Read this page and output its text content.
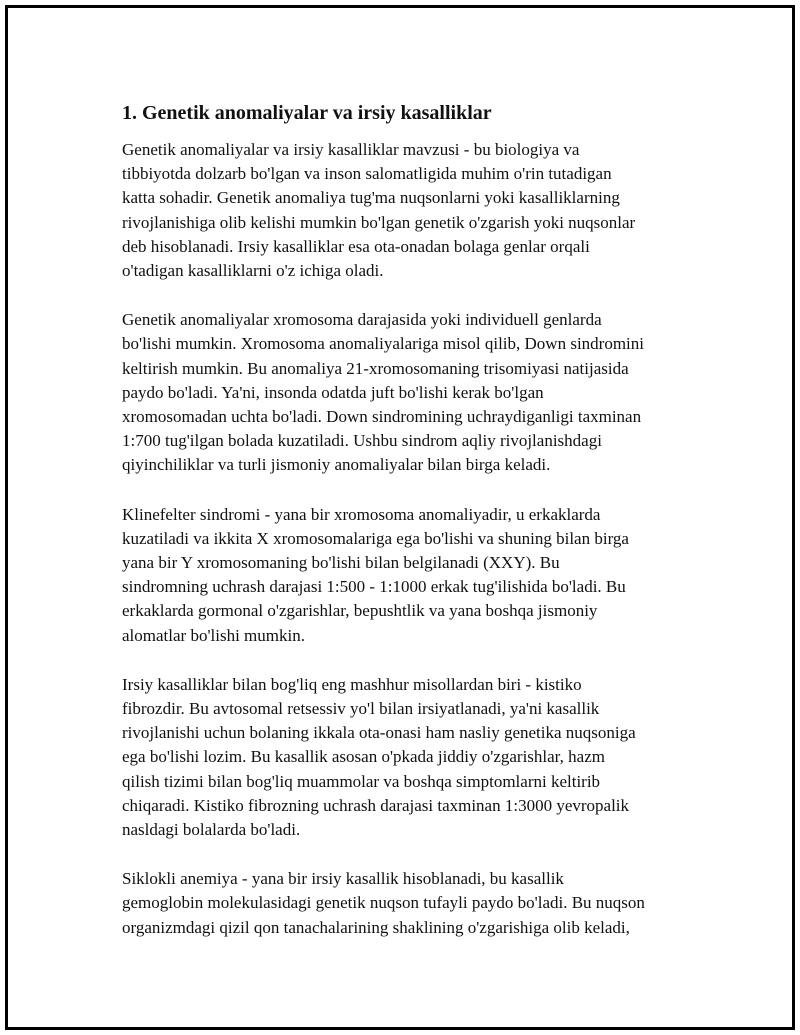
1. Genetik anomaliyalar va irsiy kasalliklar
Genetik anomaliyalar va irsiy kasalliklar mavzusi - bu biologiya va
tibbiyotda dolzarb bo'lgan va inson salomatligida muhim o'rin tutadigan
katta sohadir. Genetik anomaliya tug'ma nuqsonlarni yoki kasalliklarning
rivojlanishiga olib kelishi mumkin bo'lgan genetik o'zgarish yoki nuqsonlar
deb hisoblanadi. Irsiy kasalliklar esa ota-onadan bolaga genlar orqali
o'tadigan kasalliklarni o'z ichiga oladi.
Genetik anomaliyalar xromosoma darajasida yoki individuell genlarda
bo'lishi mumkin. Xromosoma anomaliyalariga misol qilib, Down sindromini
keltirish mumkin. Bu anomaliya 21-xromosomaning trisomiyasi natijasida
paydo bo'ladi. Ya'ni, insonda odatda juft bo'lishi kerak bo'lgan
xromosomadan uchta bo'ladi. Down sindromining uchraydiganligi taxminan
1:700 tug'ilgan bolada kuzatiladi. Ushbu sindrom aqliy rivojlanishdagi
qiyinchiliklar va turli jismoniy anomaliyalar bilan birga keladi.
Klinefelter sindromi - yana bir xromosoma anomaliyadir, u erkaklarda
kuzatiladi va ikkita X xromosomalariga ega bo'lishi va shuning bilan birga
yana bir Y xromosomaning bo'lishi bilan belgilanadi (XXY). Bu
sindromning uchrash darajasi 1:500 - 1:1000 erkak tug'ilishida bo'ladi. Bu
erkaklarda gormonal o'zgarishlar, bepushtlik va yana boshqa jismoniy
alomatlar bo'lishi mumkin.
Irsiy kasalliklar bilan bog'liq eng mashhur misollardan biri - kistiko
fibrozdir. Bu avtosomal retsessiv yo'l bilan irsiyatlanadi, ya'ni kasallik
rivojlanishi uchun bolaning ikkala ota-onasi ham nasliy genetika nuqsoniga
ega bo'lishi lozim. Bu kasallik asosan o'pkada jiddiy o'zgarishlar, hazm
qilish tizimi bilan bog'liq muammolar va boshqa simptomlarni keltirib
chiqaradi. Kistiko fibrozning uchrash darajasi taxminan 1:3000 yevropalik
nasldagi bolalarda bo'ladi.
Siklokli anemiya - yana bir irsiy kasallik hisoblanadi, bu kasallik
gemoglobin molekulasidagi genetik nuqson tufayli paydo bo'ladi. Bu nuqson
organizmdagi qizil qon tanachalarining shaklining o'zgarishiga olib keladi,
